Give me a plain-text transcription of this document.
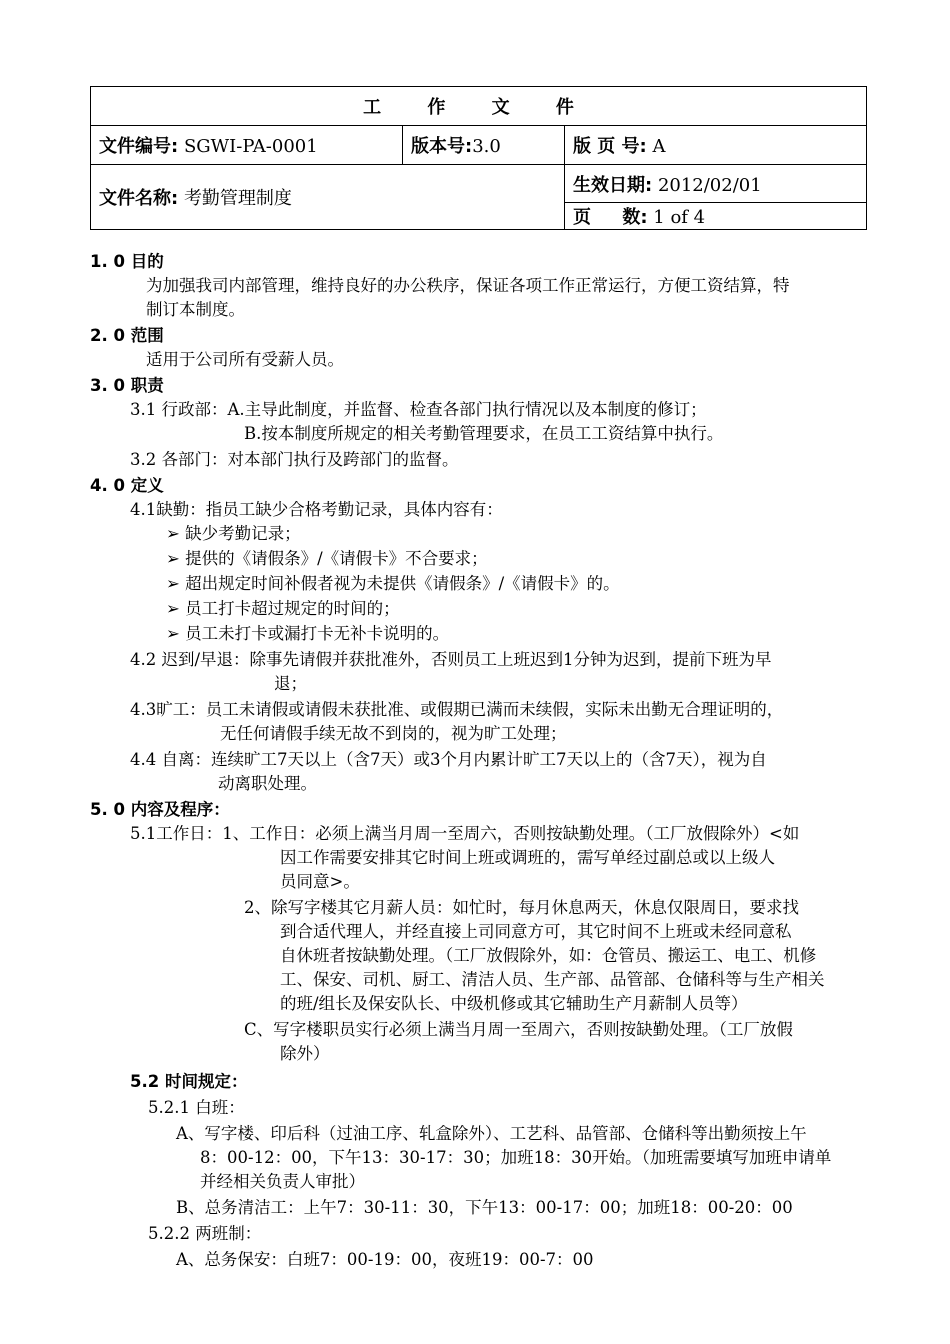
工 作 文 件		
文件编号: SGWI-PA-0001	版本号:3.0	版 页 号: A
文件名称: 考勤管理制度		生效日期: 2012/02/01
		页     数: 1 of 4
1. 0 目的
为加强我司内部管理，维持良好的办公秩序，保证各项工作正常运行，方便工资结算，特
制订本制度。
2. 0 范围
适用于公司所有受薪人员。
3. 0 职责
3.1 行政部：A.主导此制度，并监督、检查各部门执行情况以及本制度的修订；
B.按本制度所规定的相关考勤管理要求，在员工工资结算中执行。
3.2 各部门：对本部门执行及跨部门的监督。
4. 0 定义
4.1缺勤：指员工缺少合格考勤记录，具体内容有：
➢ 缺少考勤记录；
➢ 提供的《请假条》/《请假卡》不合要求；
➢ 超出规定时间补假者视为未提供《请假条》/《请假卡》的。
➢ 员工打卡超过规定的时间的；
➢ 员工未打卡或漏打卡无补卡说明的。
4.2 迟到/早退：除事先请假并获批准外，否则员工上班迟到1分钟为迟到，提前下班为早
退；
4.3旷工：员工未请假或请假未获批准、或假期已满而未续假，实际未出勤无合理证明的，
无任何请假手续无故不到岗的，视为旷工处理；
4.4 自离：连续旷工7天以上（含7天）或3个月内累计旷工7天以上的（含7天），视为自
动离职处理。
5. 0 内容及程序：
5.1工作日：1、工作日：必须上满当月周一至周六，否则按缺勤处理。（工厂放假除外）<如
因工作需要安排其它时间上班或调班的，需写单经过副总或以上级人
员同意>。
2、除写字楼其它月薪人员：如忙时，每月休息两天，休息仅限周日，要求找
到合适代理人，并经直接上司同意方可，其它时间不上班或未经同意私
自休班者按缺勤处理。（工厂放假除外，如：仓管员、搬运工、电工、机修
工、保安、司机、厨工、清洁人员、生产部、品管部、仓储科等与生产相关
的班/组长及保安队长、中级机修或其它辅助生产月薪制人员等）
C、写字楼职员实行必须上满当月周一至周六，否则按缺勤处理。（工厂放假
除外）
5.2 时间规定：
5.2.1 白班：
A、写字楼、印后科（过油工序、轧盒除外）、工艺科、品管部、仓储科等出勤须按上午
8：00-12：00，下午13：30-17：30；加班18：30开始。（加班需要填写加班申请单
并经相关负责人审批）
B、总务清洁工：上午7：30-11：30，下午13：00-17：00；加班18：00-20：00
5.2.2 两班制：
A、总务保安：白班7：00-19：00，夜班19：00-7：00
